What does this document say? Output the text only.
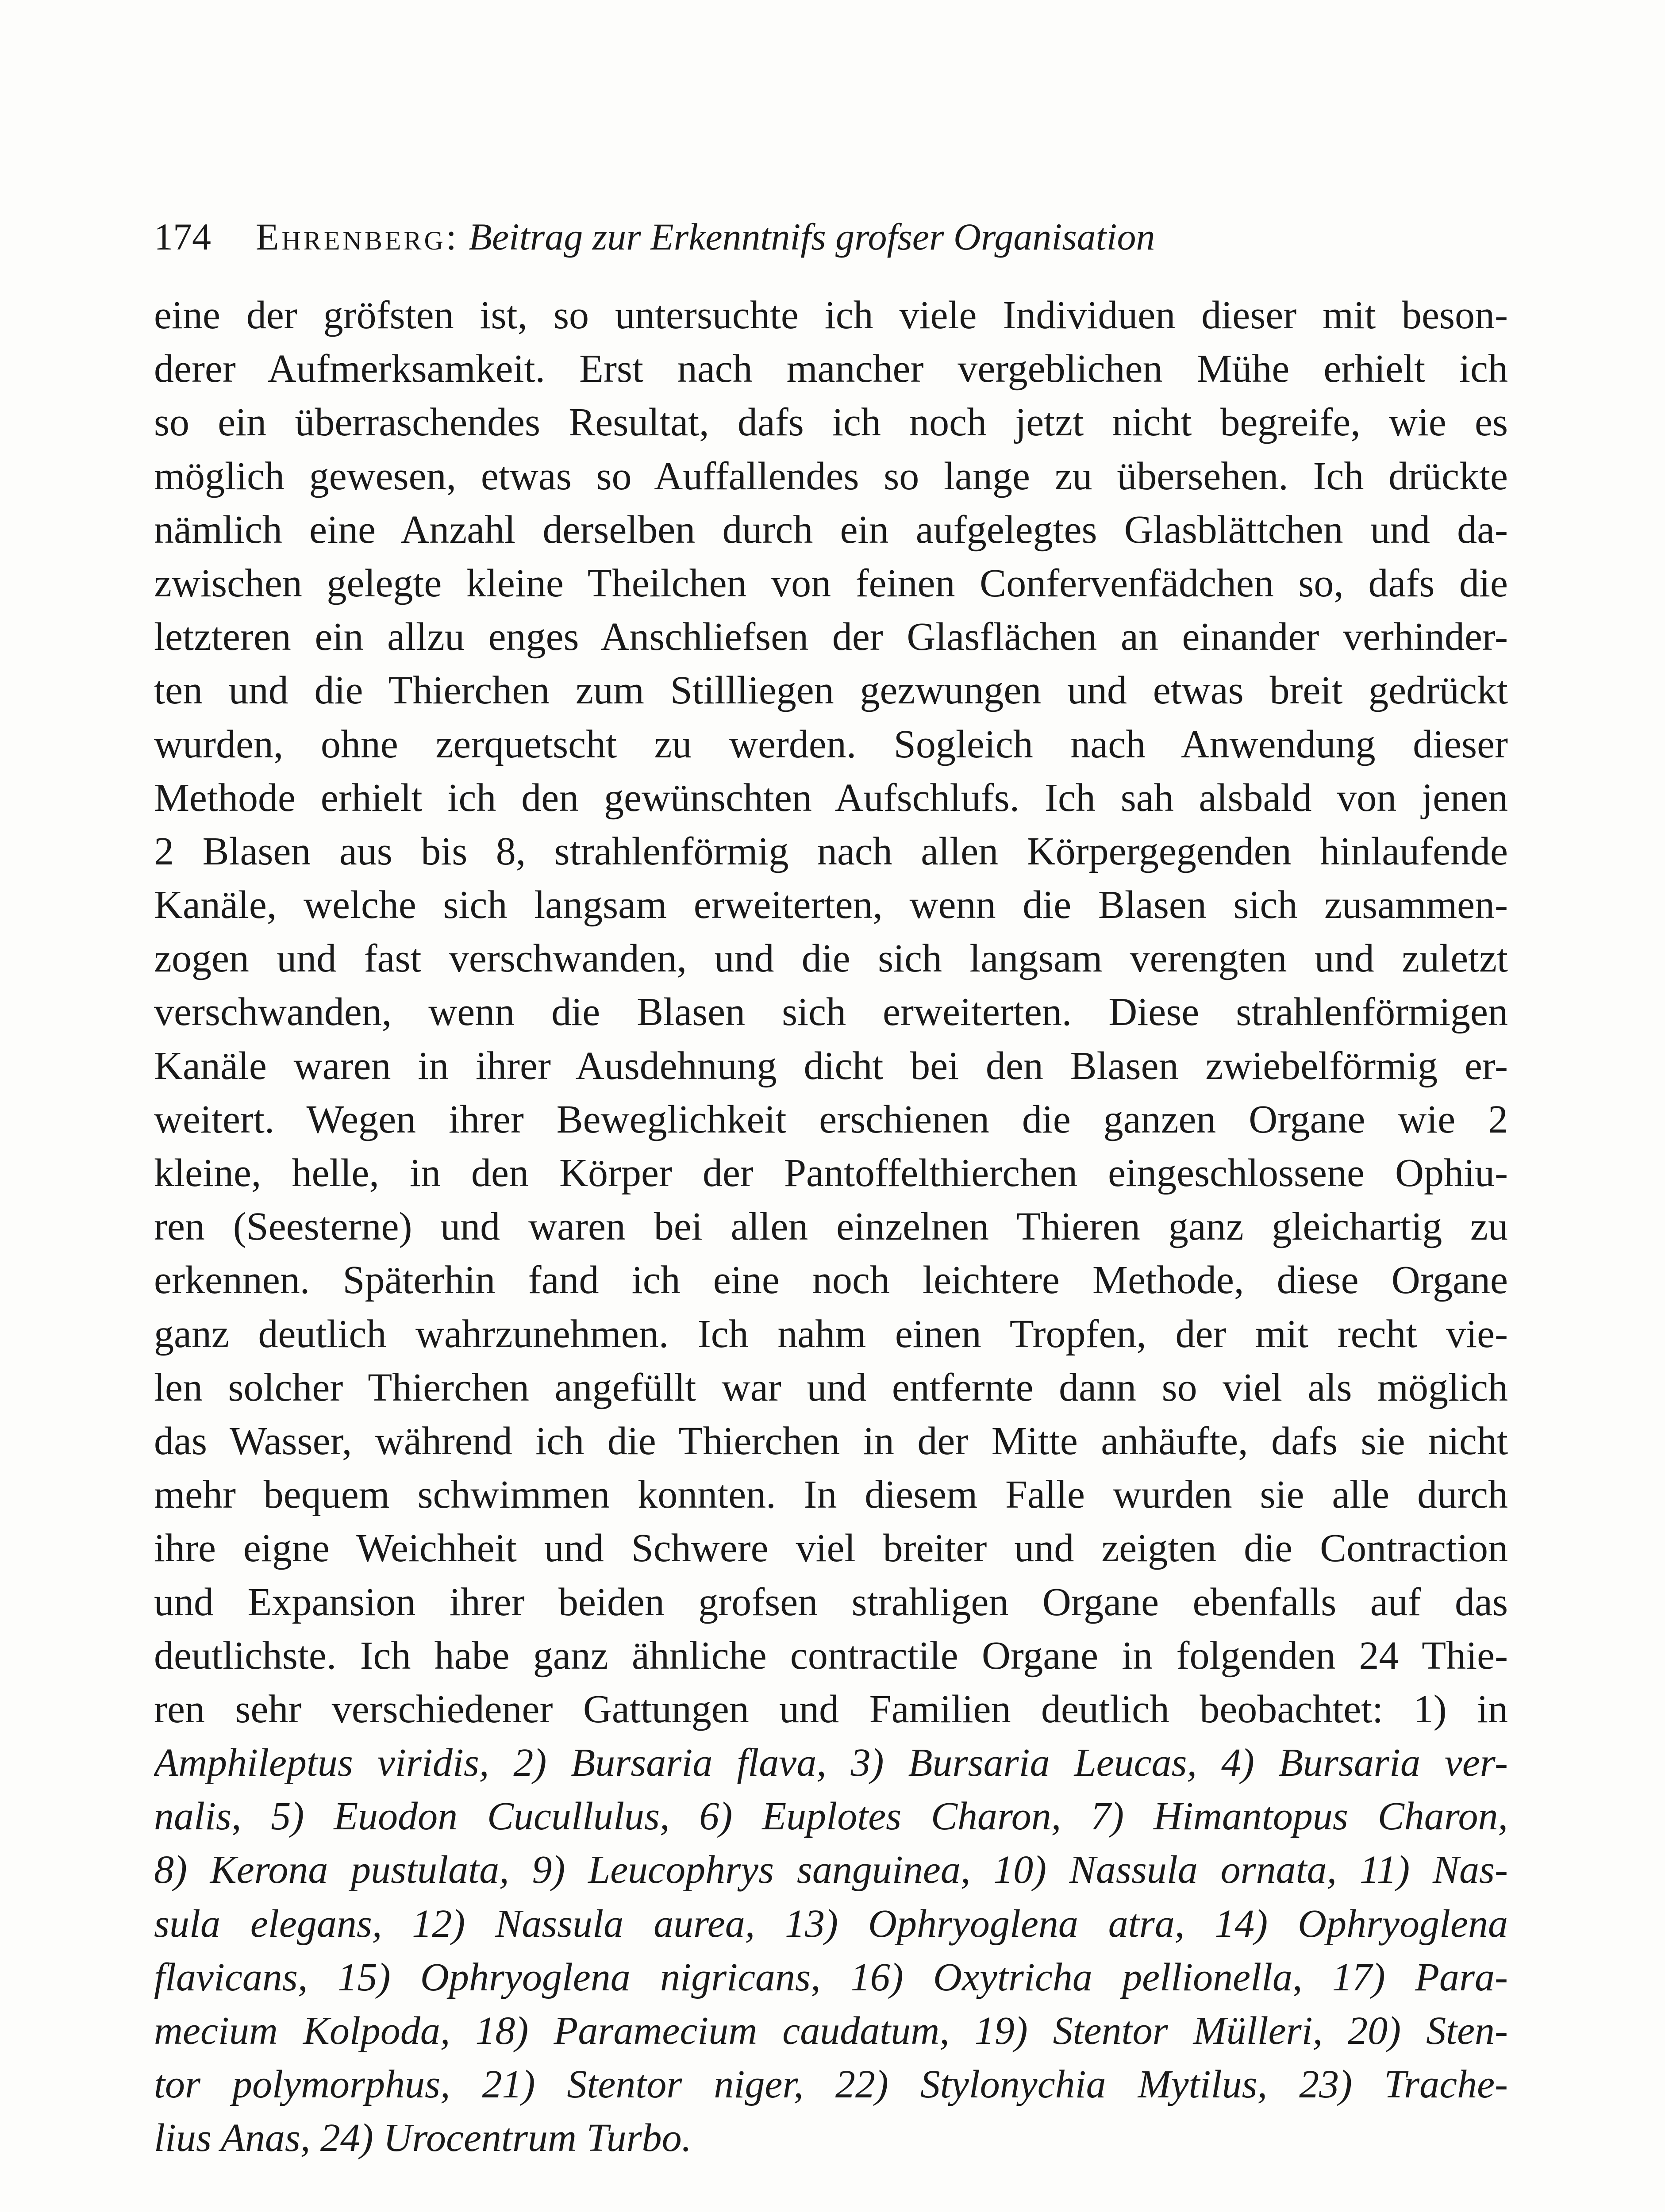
174 Ehrenberg: Beitrag zur Erkenntnifs grofser Organisation
eine der gröfsten ist, so untersuchte ich viele Individuen dieser mit beson-
derer Aufmerksamkeit. Erst nach mancher vergeblichen Mühe erhielt ich
so ein überraschendes Resultat, dafs ich noch jetzt nicht begreife, wie es
möglich gewesen, etwas so Auffallendes so lange zu übersehen. Ich drückte
nämlich eine Anzahl derselben durch ein aufgelegtes Glasblättchen und da-
zwischen gelegte kleine Theilchen von feinen Confervenfädchen so, dafs die
letzteren ein allzu enges Anschliefsen der Glasflächen an einander verhinder-
ten und die Thierchen zum Stillliegen gezwungen und etwas breit gedrückt
wurden, ohne zerquetscht zu werden. Sogleich nach Anwendung dieser
Methode erhielt ich den gewünschten Aufschlufs. Ich sah alsbald von jenen
2 Blasen aus bis 8, strahlenförmig nach allen Körpergegenden hinlaufende
Kanäle, welche sich langsam erweiterten, wenn die Blasen sich zusammen-
zogen und fast verschwanden, und die sich langsam verengten und zuletzt
verschwanden, wenn die Blasen sich erweiterten. Diese strahlenförmigen
Kanäle waren in ihrer Ausdehnung dicht bei den Blasen zwiebelförmig er-
weitert. Wegen ihrer Beweglichkeit erschienen die ganzen Organe wie 2
kleine, helle, in den Körper der Pantoffelthierchen eingeschlossene Ophiu-
ren (Seesterne) und waren bei allen einzelnen Thieren ganz gleichartig zu
erkennen. Späterhin fand ich eine noch leichtere Methode, diese Organe
ganz deutlich wahrzunehmen. Ich nahm einen Tropfen, der mit recht vie-
len solcher Thierchen angefüllt war und entfernte dann so viel als möglich
das Wasser, während ich die Thierchen in der Mitte anhäufte, dafs sie nicht
mehr bequem schwimmen konnten. In diesem Falle wurden sie alle durch
ihre eigne Weichheit und Schwere viel breiter und zeigten die Contraction
und Expansion ihrer beiden grofsen strahligen Organe ebenfalls auf das
deutlichste. Ich habe ganz ähnliche contractile Organe in folgenden 24 Thie-
ren sehr verschiedener Gattungen und Familien deutlich beobachtet: 1) in
Amphileptus viridis, 2) Bursaria flava, 3) Bursaria Leucas, 4) Bursaria ver-
nalis, 5) Euodon Cucullulus, 6) Euplotes Charon, 7) Himantopus Charon,
8) Kerona pustulata, 9) Leucophrys sanguinea, 10) Nassula ornata, 11) Nas-
sula elegans, 12) Nassula aurea, 13) Ophryoglena atra, 14) Ophryoglena
flavicans, 15) Ophryoglena nigricans, 16) Oxytricha pellionella, 17) Para-
mecium Kolpoda, 18) Paramecium caudatum, 19) Stentor Mülleri, 20) Sten-
tor polymorphus, 21) Stentor niger, 22) Stylonychia Mytilus, 23) Trache-
lius Anas, 24) Urocentrum Turbo.
